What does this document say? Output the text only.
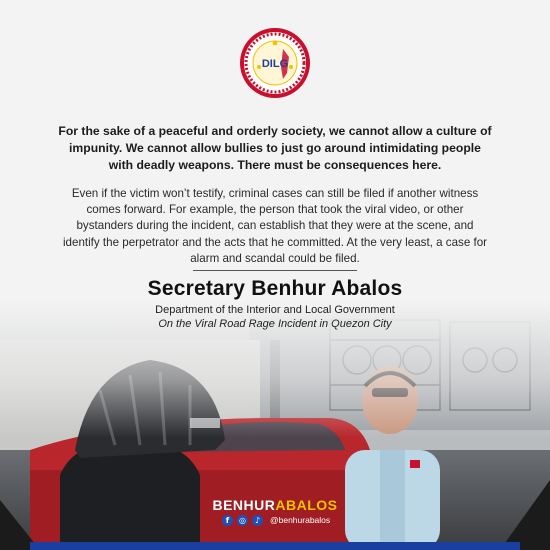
DILG
For the sake of a peaceful and orderly society, we cannot allow a culture of impunity. We cannot allow bullies to just go around intimidating people with deadly weapons. There must be consequences here.
Even if the victim won’t testify, criminal cases can still be filed if another witness comes forward. For example, the person that took the viral video, or other bystanders during the incident, can establish that they were at the scene, and identify the perpetrator and the acts that he committed. At the very least, a case for alarm and scandal could be filed.
Secretary Benhur Abalos
Department of the Interior and Local Government
On the Viral Road Rage Incident in Quezon City
BENHURABALOS
f	◎	♪	@benhurabalos
